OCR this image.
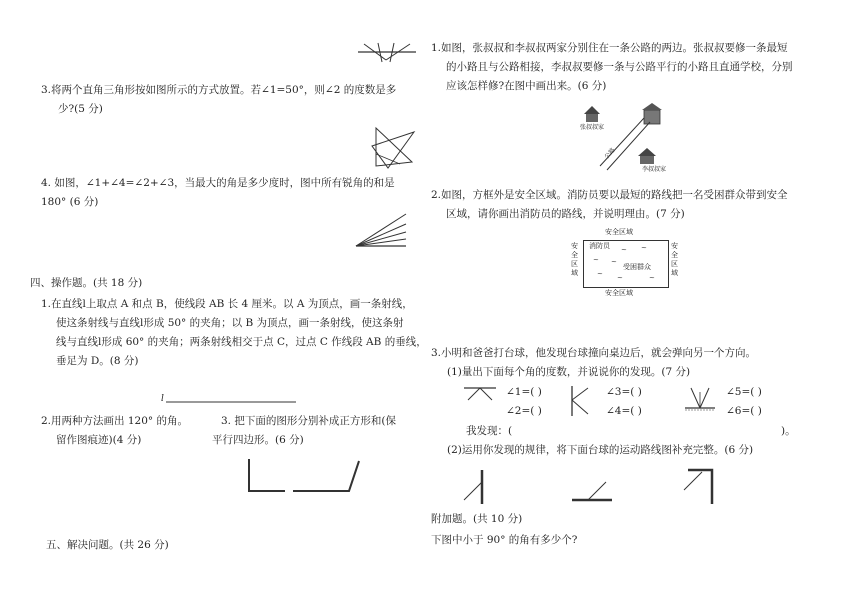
3.将两个直角三角形按如图所示的方式放置。若∠1=50°，则∠2 的度数是多
少?(5 分)
4. 如图，∠1+∠4=∠2+∠3，当最大的角是多少度时，图中所有锐角的和是
180° (6 分)
四、操作题。(共 18 分)
1.在直线l上取点 A 和点 B，使线段 AB 长 4 厘米。以 A 为顶点，画一条射线，
使这条射线与直线l形成 50° 的夹角；以 B 为顶点，画一条射线，使这条射
线与直线l形成 60° 的夹角；两条射线相交于点 C，过点 C 作线段 AB 的垂线，
垂足为 D。(8 分)
l
2.用两种方法画出 120° 的角。	3. 把下面的图形分别补成正方形和(保
留作图痕迹)(4 分)	平行四边形。(6 分)
五、解决问题。(共 26 分)
1.如图，张叔叔和李叔叔两家分别住在一条公路的两边。张叔叔要修一条最短
的小路且与公路相接，李叔叔要修一条与公路平行的小路且直通学校，分别
应该怎样修?在图中画出来。(6 分)
张叔叔家
公路
李叔叔家
2.如图，方框外是安全区域。消防员要以最短的路线把一名受困群众带到安全
区域，请你画出消防员的路线，并说明理由。(7 分)
安全区域
安全区域
安全区域
安全区域
消防员
受困群众
~ ~
~ ~
~ ~	~
3.小明和爸爸打台球，他发现台球撞向桌边后，就会弹向另一个方向。
(1)量出下面每个角的度数，并说说你的发现。(7 分)
∠1=( )
∠2=( )
∠3=( )
∠4=( )
∠5=( )
∠6=( )
我发现：(	)。
(2)运用你发现的规律，将下面台球的运动路线图补充完整。(6 分)
附加题。(共 10 分)
下图中小于 90° 的角有多少个?
